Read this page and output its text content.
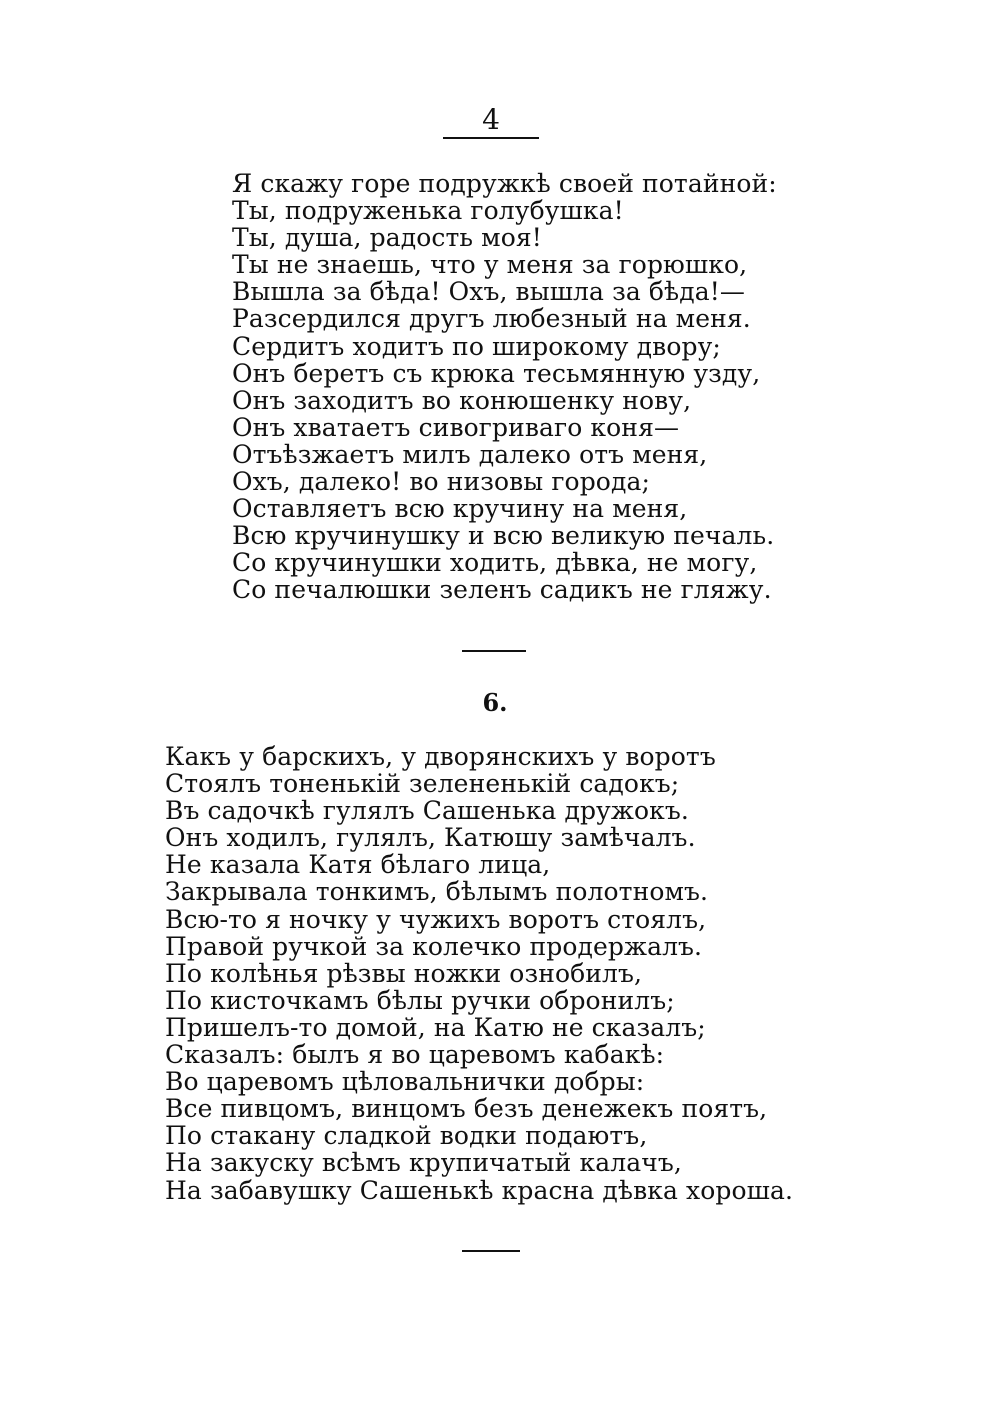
4
Я скажу горе подружкѣ своей потайной:
Ты, подруженька голубушка!
Ты, душа, радость моя!
Ты не знаешь, что у меня за горюшко,
Вышла за бѣда! Охъ, вышла за бѣда!—
Разсердился другъ любезный на меня.
Сердитъ ходитъ по широкому двору;
Онъ беретъ съ крюка тесьмянную узду,
Онъ заходитъ во конюшенку нову,
Онъ хватаетъ сивогриваго коня—
Отъѣзжаетъ милъ далеко отъ меня,
Охъ, далеко! во низовы города;
Оставляетъ всю кручину на меня,
Всю кручинушку и всю великую печаль.
Со кручинушки ходить, дѣвка, не могу,
Со печалюшки зеленъ садикъ не гляжу.
6.
Какъ у барскихъ, у дворянскихъ у воротъ
Стоялъ тоненькій зелененькій садокъ;
Въ садочкѣ гулялъ Сашенька дружокъ.
Онъ ходилъ, гулялъ, Катюшу замѣчалъ.
Не казала Катя бѣлаго лица,
Закрывала тонкимъ, бѣлымъ полотномъ.
Всю-то я ночку у чужихъ воротъ стоялъ,
Правой ручкой за колечко продержалъ.
По колѣнья рѣзвы ножки ознобилъ,
По кисточкамъ бѣлы ручки обронилъ;
Пришелъ-то домой, на Катю не сказалъ;
Сказалъ: былъ я во царевомъ кабакѣ:
Во царевомъ цѣловальнички добры:
Все пивцомъ, винцомъ безъ денежекъ поятъ,
По стакану сладкой водки подаютъ,
На закуску всѣмъ крупичатый калачъ,
На забавушку Сашенькѣ красна дѣвка хороша.
